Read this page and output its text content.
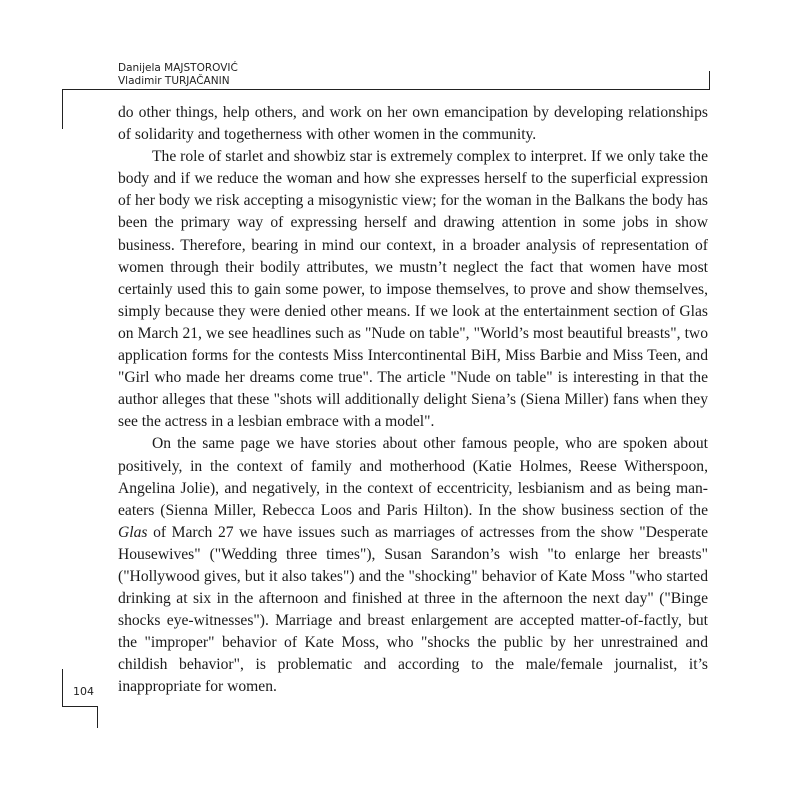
Danijela MAJSTOROVIĆ
Vladimir TURJAČANIN
104

do other things, help others, and work on her own emancipation by developing relationships of solidarity and togetherness with other women in the community.

The role of starlet and showbiz star is extremely complex to interpret. If we only take the body and if we reduce the woman and how she expresses herself to the superficial expression of her body we risk accepting a misogynistic view; for the woman in the Balkans the body has been the primary way of expressing herself and drawing attention in some jobs in show business. Therefore, bearing in mind our context, in a broader analysis of representation of women through their bodily attributes, we mustn’t neglect the fact that women have most certainly used this to gain some power, to impose themselves, to prove and show themselves, simply because they were denied other means. If we look at the entertainment section of Glas on March 21, we see headlines such as "Nude on table", "World’s most beautiful breasts", two application forms for the contests Miss Intercontinental BiH, Miss Barbie and Miss Teen, and "Girl who made her dreams come true". The article "Nude on table" is interesting in that the author alleges that these "shots will additionally delight Siena’s (Siena Miller) fans when they see the actress in a lesbian embrace with a model".

On the same page we have stories about other famous people, who are spoken about positively, in the context of family and motherhood (Katie Holmes, Reese Witherspoon, Angelina Jolie), and negatively, in the context of eccentricity, lesbianism and as being man-eaters (Sienna Miller, Rebecca Loos and Paris Hilton). In the show business section of the Glas of March 27 we have issues such as marriages of actresses from the show "Desperate Housewives" ("Wedding three times"), Susan Sarandon’s wish "to enlarge her breasts" ("Hollywood gives, but it also takes") and the "shocking" behavior of Kate Moss "who started drinking at six in the afternoon and finished at three in the afternoon the next day" ("Binge shocks eye-witnesses"). Marriage and breast enlargement are accepted matter-of-factly, but the "improper" behavior of Kate Moss, who "shocks the public by her unrestrained and childish behavior", is problematic and according to the male/female journalist, it’s inappropriate for women.
